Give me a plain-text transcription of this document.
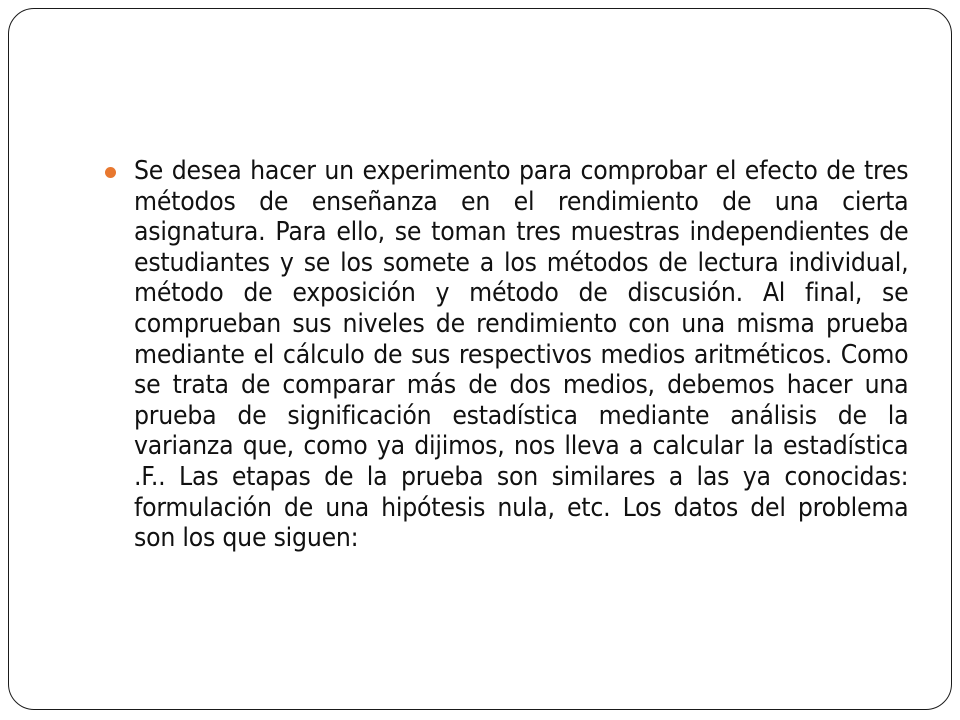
Se desea hacer un experimento para comprobar el efecto de tres métodos de enseñanza en el rendimiento de una cierta asignatura. Para ello, se toman tres muestras independientes de estudiantes y se los somete a los métodos de lectura individual, método de exposición y método de discusión. Al final, se comprueban sus niveles de rendimiento con una misma prueba mediante el cálculo de sus respectivos medios aritméticos. Como se trata de comparar más de dos medios, debemos hacer una prueba de significación estadística mediante análisis de la varianza que, como ya dijimos, nos lleva a calcular la estadística .F.. Las etapas de la prueba son similares a las ya conocidas: formulación de una hipótesis nula, etc. Los datos del problema son los que siguen:
